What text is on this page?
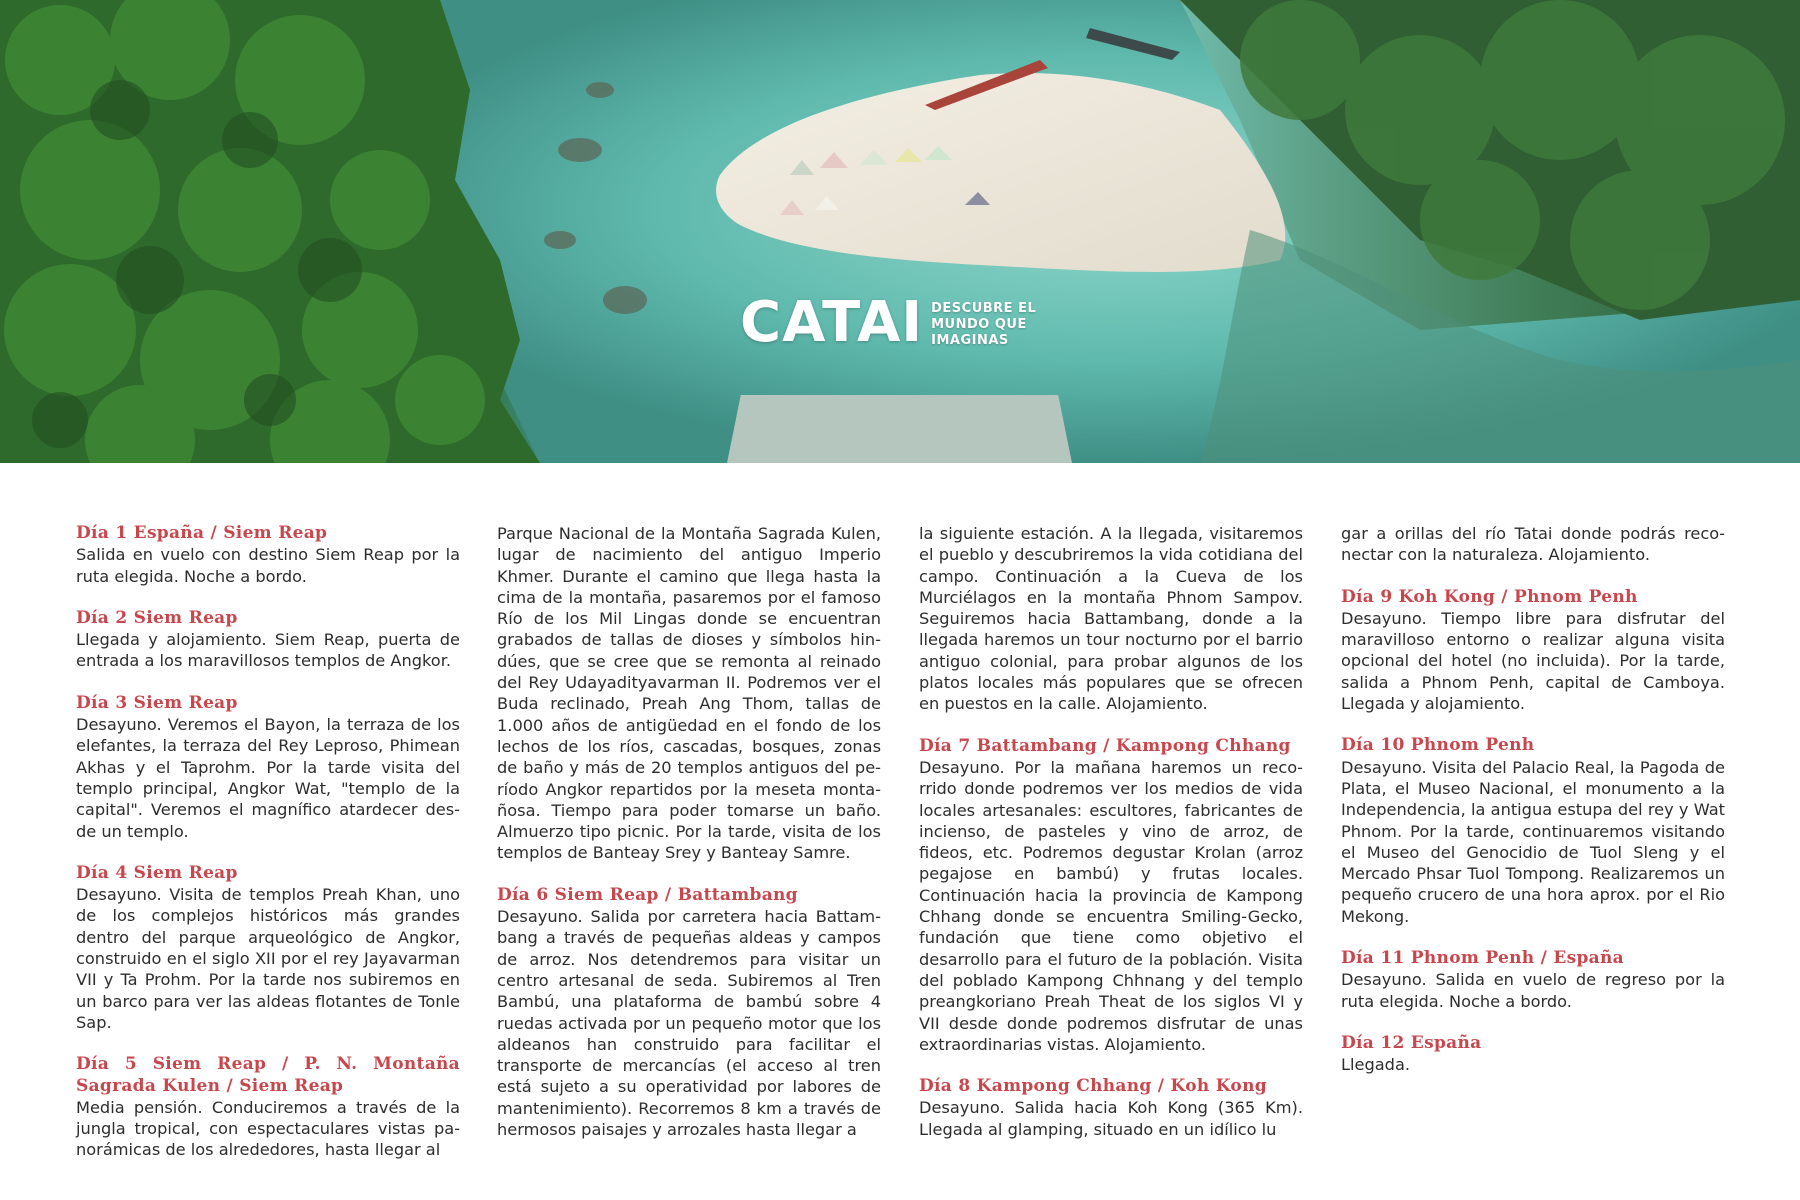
CATAI DESCUBRE EL MUNDO QUE IMAGINAS
Día 1 España / Siem Reap
Salida en vuelo con destino Siem Reap por la ruta elegida. Noche a bordo.
Día 2 Siem Reap
Llegada y alojamiento. Siem Reap, puerta de entrada a los maravillosos templos de Angkor.
Día 3 Siem Reap
Desayuno. Veremos el Bayon, la terraza de los elefantes, la terraza del Rey Leproso, Phimean Akhas y el Taprohm. Por la tarde visita del templo principal, Angkor Wat, "templo de la capital". Veremos el magnífico atardecer desde un templo.
Día 4 Siem Reap
Desayuno. Visita de templos Preah Khan, uno de los complejos históricos más grandes dentro del parque arqueológico de Angkor, construido en el siglo XII por el rey Jayavarman VII y Ta Prohm. Por la tarde nos subiremos en un barco para ver las aldeas flotantes de Tonle Sap.
Día 5 Siem Reap / P. N. Montaña Sagrada Kulen / Siem Reap
Media pensión. Conduciremos a través de la jungla tropical, con espectaculares vistas panorámicas de los alrededores, hasta llegar al
Parque Nacional de la Montaña Sagrada Kulen, lugar de nacimiento del antiguo Imperio Khmer. Durante el camino que llega hasta la cima de la montaña, pasaremos por el famoso Río de los Mil Lingas donde se encuentran grabados de tallas de dioses y símbolos hindúes, que se cree que se remonta al reinado del Rey Udayadityavarman II. Podremos ver el Buda reclinado, Preah Ang Thom, tallas de 1.000 años de antigüedad en el fondo de los lechos de los ríos, cascadas, bosques, zonas de baño y más de 20 templos antiguos del período Angkor repartidos por la meseta montañosa. Tiempo para poder tomarse un baño. Almuerzo tipo picnic. Por la tarde, visita de los templos de Banteay Srey y Banteay Samre.
Día 6 Siem Reap / Battambang
Desayuno. Salida por carretera hacia Battambang a través de pequeñas aldeas y campos de arroz. Nos detendremos para visitar un centro artesanal de seda. Subiremos al Tren Bambú, una plataforma de bambú sobre 4 ruedas activada por un pequeño motor que los aldeanos han construido para facilitar el transporte de mercancías (el acceso al tren está sujeto a su operatividad por labores de mantenimiento). Recorremos 8 km a través de hermosos paisajes y arrozales hasta llegar a
la siguiente estación. A la llegada, visitaremos el pueblo y descubriremos la vida cotidiana del campo. Continuación a la Cueva de los Murciélagos en la montaña Phnom Sampov. Seguiremos hacia Battambang, donde a la llegada haremos un tour nocturno por el barrio antiguo colonial, para probar algunos de los platos locales más populares que se ofrecen en puestos en la calle. Alojamiento.
Día 7 Battambang / Kampong Chhang
Desayuno. Por la mañana haremos un recorrido donde podremos ver los medios de vida locales artesanales: escultores, fabricantes de incienso, de pasteles y vino de arroz, de fideos, etc. Podremos degustar Krolan (arroz pegajose en bambú) y frutas locales. Continuación hacia la provincia de Kampong Chhang donde se encuentra Smiling-Gecko, fundación que tiene como objetivo el desarrollo para el futuro de la población. Visita del poblado Kampong Chhnang y del templo preangkoriano Preah Theat de los siglos VI y VII desde donde podremos disfrutar de unas extraordinarias vistas. Alojamiento.
Día 8 Kampong Chhang / Koh Kong
Desayuno. Salida hacia Koh Kong (365 Km). Llegada al glamping, situado en un idílico lu
gar a orillas del río Tatai donde podrás reconectar con la naturaleza. Alojamiento.
Día 9 Koh Kong / Phnom Penh
Desayuno. Tiempo libre para disfrutar del maravilloso entorno o realizar alguna visita opcional del hotel (no incluida). Por la tarde, salida a Phnom Penh, capital de Camboya. Llegada y alojamiento.
Día 10 Phnom Penh
Desayuno. Visita del Palacio Real, la Pagoda de Plata, el Museo Nacional, el monumento a la Independencia, la antigua estupa del rey y Wat Phnom. Por la tarde, continuaremos visitando el Museo del Genocidio de Tuol Sleng y el Mercado Phsar Tuol Tompong. Realizaremos un pequeño crucero de una hora aprox. por el Rio Mekong.
Día 11 Phnom Penh / España
Desayuno. Salida en vuelo de regreso por la ruta elegida. Noche a bordo.
Día 12 España
Llegada.
